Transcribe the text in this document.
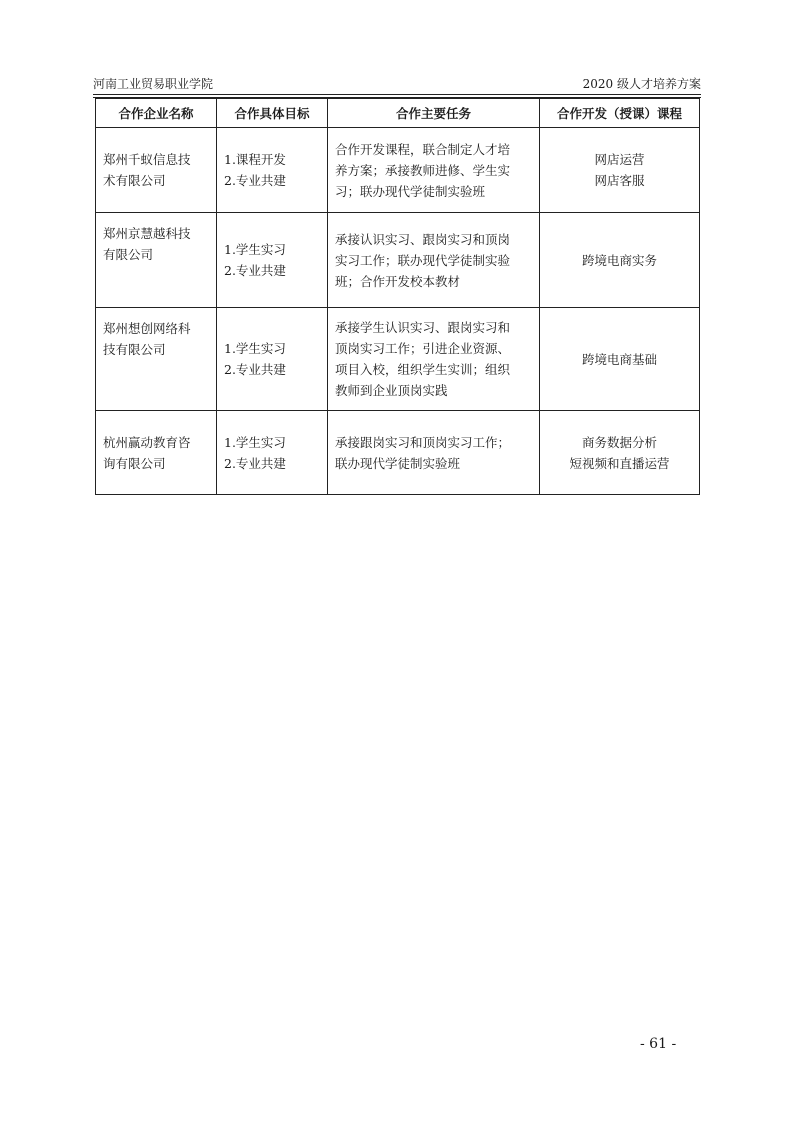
河南工业贸易职业学院	2020 级人才培养方案
合作企业名称	合作具体目标	合作主要任务	合作开发（授课）课程

郑州千蚁信息技
术有限公司	1.课程开发
2.专业共建	合作开发课程，联合制定人才培
养方案；承接教师进修、学生实
习；联办现代学徒制实验班	网店运营
网店客服

郑州京慧越科技
有限公司	1.学生实习
2.专业共建	承接认识实习、跟岗实习和顶岗
实习工作；联办现代学徒制实验
班；合作开发校本教材	跨境电商实务

郑州想创网络科
技有限公司	1.学生实习
2.专业共建	承接学生认识实习、跟岗实习和
顶岗实习工作；引进企业资源、
项目入校，组织学生实训；组织
教师到企业顶岗实践	跨境电商基础

杭州赢动教育咨
询有限公司	1.学生实习
2.专业共建	承接跟岗实习和顶岗实习工作；
联办现代学徒制实验班	商务数据分析
短视频和直播运营
- 61 -
